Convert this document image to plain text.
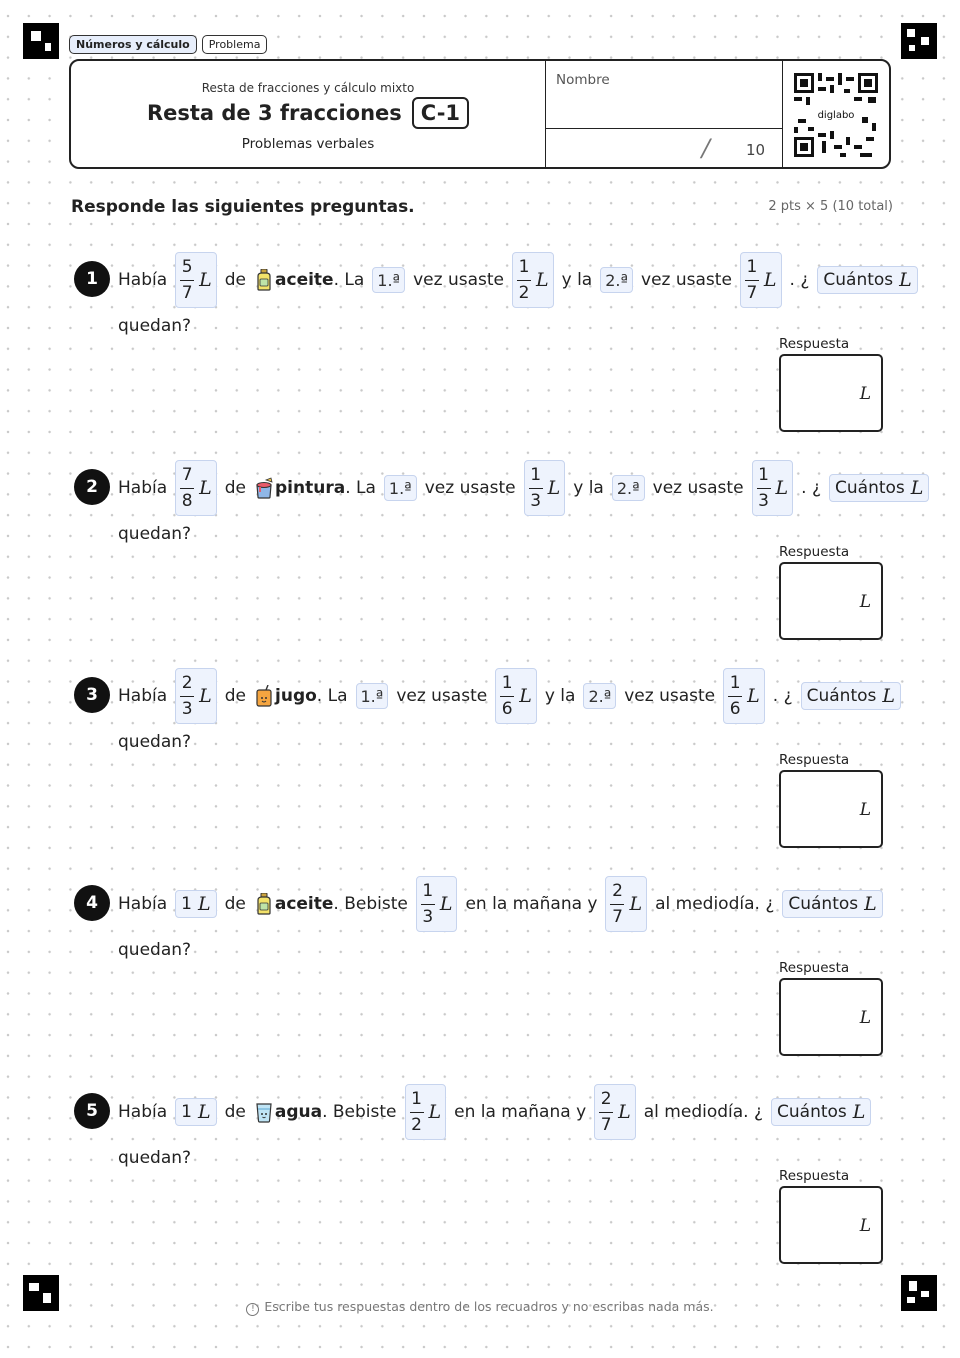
Números y cálculo	Problema
Resta de fracciones y cálculo mixto
Resta de 3 fracciones C-1
Problemas verbales
Nombre
/ 10
diglabo
Responde las siguientes preguntas.	2 pts × 5 (10 total)
1	Había $\frac{5}{7}$ L de aceite . La 1.ª vez usaste $\frac{1}{2}$ L y la 2.ª vez usaste $\frac{1}{7}$ L . ¿ Cuántos L
quedan?
Respuesta
L
2	Había $\frac{7}{8}$ L de pintura . La 1.ª vez usaste $\frac{1}{3}$ L y la 2.ª vez usaste $\frac{1}{3}$ L . ¿ Cuántos L
quedan?
Respuesta
L
3	Había $\frac{2}{3}$ L de jugo . La 1.ª vez usaste $\frac{1}{6}$ L y la 2.ª vez usaste $\frac{1}{6}$ L . ¿ Cuántos L
quedan?
Respuesta
L
4	Había 1 L de aceite . Bebiste $\frac{1}{3}$ L en la mañana y $\frac{2}{7}$ L al mediodía. ¿ Cuántos L
quedan?
Respuesta
L
5	Había 1 L de agua . Bebiste $\frac{1}{2}$ L en la mañana y $\frac{2}{7}$ L al mediodía. ¿ Cuántos L
quedan?
Respuesta
L
! Escribe tus respuestas dentro de los recuadros y no escribas nada más.
